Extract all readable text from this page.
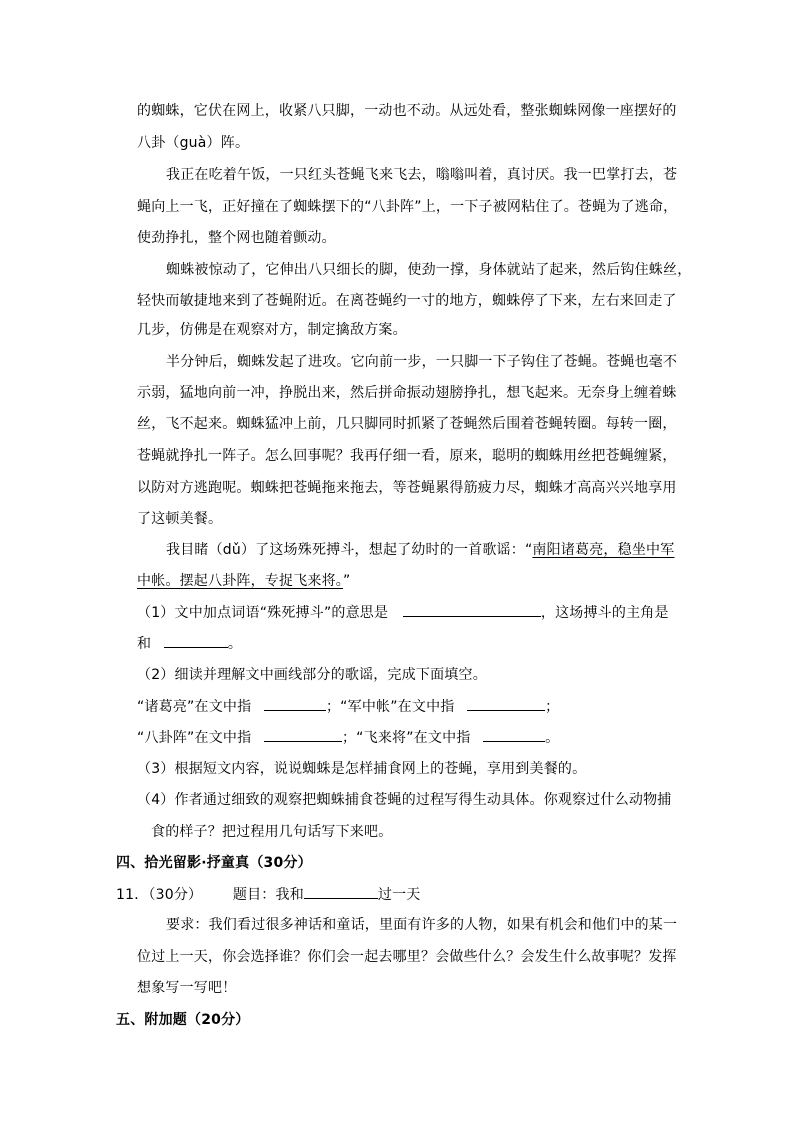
的蜘蛛，它伏在网上，收紧八只脚，一动也不动。从远处看，整张蜘蛛网像一座摆好的
八卦（guà）阵。
我正在吃着午饭，一只红头苍蝇飞来飞去，嗡嗡叫着，真讨厌。我一巴掌打去，苍
蝇向上一飞，正好撞在了蜘蛛摆下的“八卦阵”上，一下子被网粘住了。苍蝇为了逃命，
使劲挣扎，整个网也随着颤动。
蜘蛛被惊动了，它伸出八只细长的脚，使劲一撑，身体就站了起来，然后钩住蛛丝，
轻快而敏捷地来到了苍蝇附近。在离苍蝇约一寸的地方，蜘蛛停了下来，左右来回走了
几步，仿佛是在观察对方，制定擒敌方案。
半分钟后，蜘蛛发起了进攻。它向前一步，一只脚一下子钩住了苍蝇。苍蝇也毫不
示弱，猛地向前一冲，挣脱出来，然后拼命振动翅膀挣扎，想飞起来。无奈身上缠着蛛
丝，飞不起来。蜘蛛猛冲上前，几只脚同时抓紧了苍蝇然后围着苍蝇转圈。每转一圈，
苍蝇就挣扎一阵子。怎么回事呢？我再仔细一看，原来，聪明的蜘蛛用丝把苍蝇缠紧，
以防对方逃跑呢。蜘蛛把苍蝇拖来拖去，等苍蝇累得筋疲力尽，蜘蛛才高高兴兴地享用
了这顿美餐。
我目睹（dǔ）了这场殊死搏斗，想起了幼时的一首歌谣：“南阳诸葛亮，稳坐中军
中帐。摆起八卦阵，专捉飞来将。”
（1）文中加点词语“殊死搏斗”的意思是	，这场搏斗的主角是
和	。
（2）细读并理解文中画线部分的歌谣，完成下面填空。
“诸葛亮”在文中指	；“军中帐”在文中指	；
“八卦阵”在文中指	；“飞来将”在文中指	。
（3）根据短文内容，说说蜘蛛是怎样捕食网上的苍蝇，享用到美餐的。
（4）作者通过细致的观察把蜘蛛捕食苍蝇的过程写得生动具体。你观察过什么动物捕
食的样子？把过程用几句话写下来吧。
四、拾光留影·抒童真（30分）
11．（30分） 题目：我和	过一天
要求：我们看过很多神话和童话，里面有许多的人物，如果有机会和他们中的某一
位过上一天，你会选择谁？你们会一起去哪里？会做些什么？会发生什么故事呢？发挥
想象写一写吧！
五、附加题（20分）
